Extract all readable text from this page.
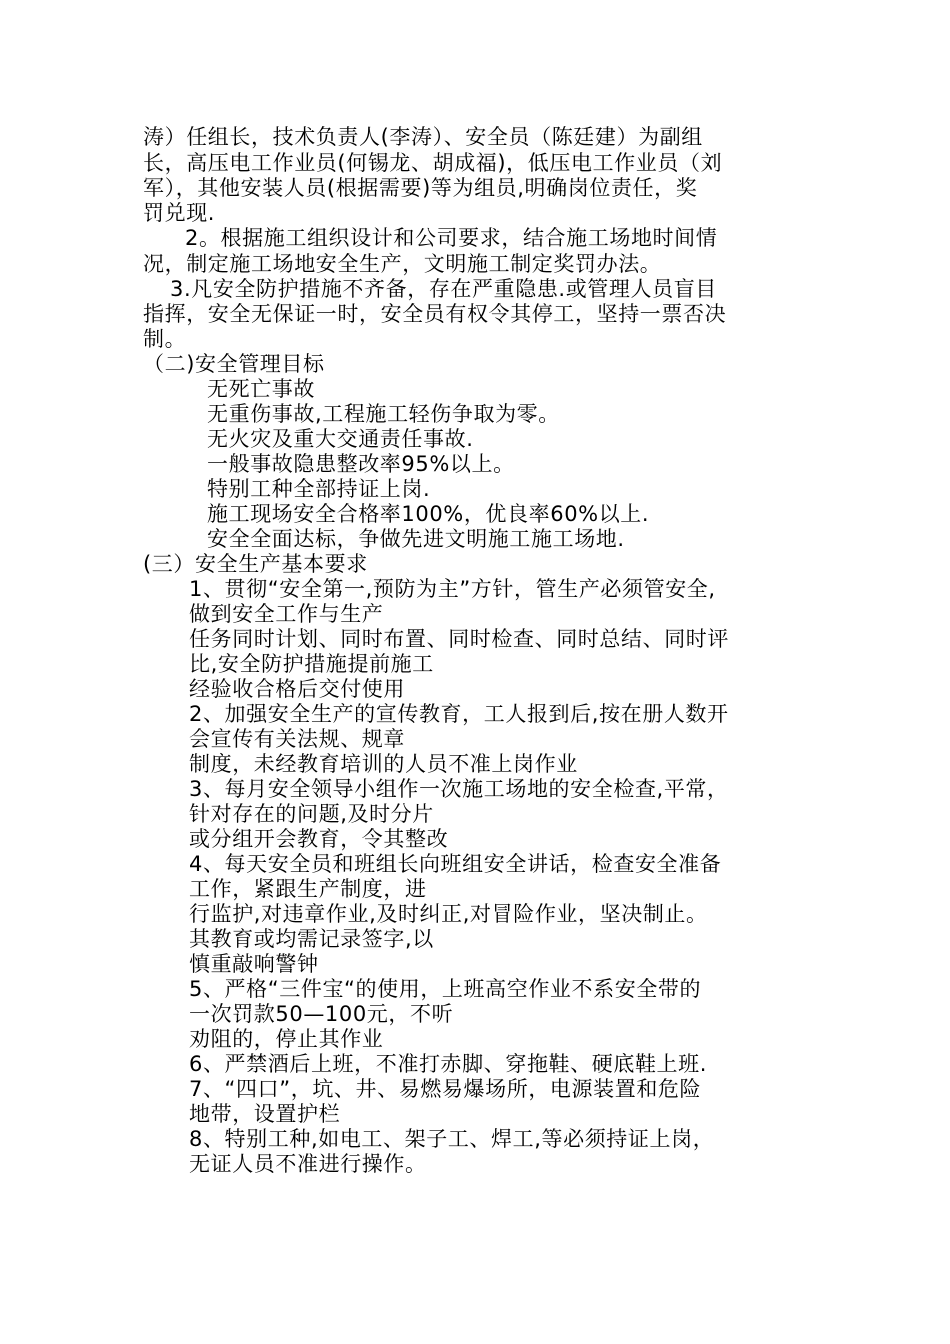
涛）任组长，技术负责人(李涛）、安全员（陈廷建）为副组
长，高压电工作业员(何锡龙、胡成福)，低压电工作业员（刘
军），其他安装人员(根据需要)等为组员,明确岗位责任，奖
罚兑现.
2。根据施工组织设计和公司要求，结合施工场地时间情
况，制定施工场地安全生产，文明施工制定奖罚办法。
3.凡安全防护措施不齐备，存在严重隐患.或管理人员盲目
指挥，安全无保证一时，安全员有权令其停工，坚持一票否决
制。
（二)安全管理目标
无死亡事故
无重伤事故,工程施工轻伤争取为零。
无火灾及重大交通责任事故.
一般事故隐患整改率95%以上。
特别工种全部持证上岗.
施工现场安全合格率100%，优良率60%以上.
安全全面达标，争做先进文明施工施工场地.
(三）安全生产基本要求
1、贯彻“安全第一,预防为主”方针，管生产必须管安全,
做到安全工作与生产
任务同时计划、同时布置、同时检查、同时总结、同时评
比,安全防护措施提前施工
经验收合格后交付使用
2、加强安全生产的宣传教育，工人报到后,按在册人数开
会宣传有关法规、规章
制度，未经教育培训的人员不准上岗作业
3、每月安全领导小组作一次施工场地的安全检查,平常，
针对存在的问题,及时分片
或分组开会教育，令其整改
4、每天安全员和班组长向班组安全讲话，检查安全准备
工作，紧跟生产制度，进
行监护,对违章作业,及时纠正,对冒险作业，坚决制止。
其教育或均需记录签字,以
慎重敲响警钟
5、严格“三件宝“的使用，上班高空作业不系安全带的
一次罚款50—100元，不听
劝阻的，停止其作业
6、严禁酒后上班，不准打赤脚、穿拖鞋、硬底鞋上班.
7、“四口”，坑、井、易燃易爆场所，电源装置和危险
地带，设置护栏
8、特别工种,如电工、架子工、焊工,等必须持证上岗，
无证人员不准进行操作。
